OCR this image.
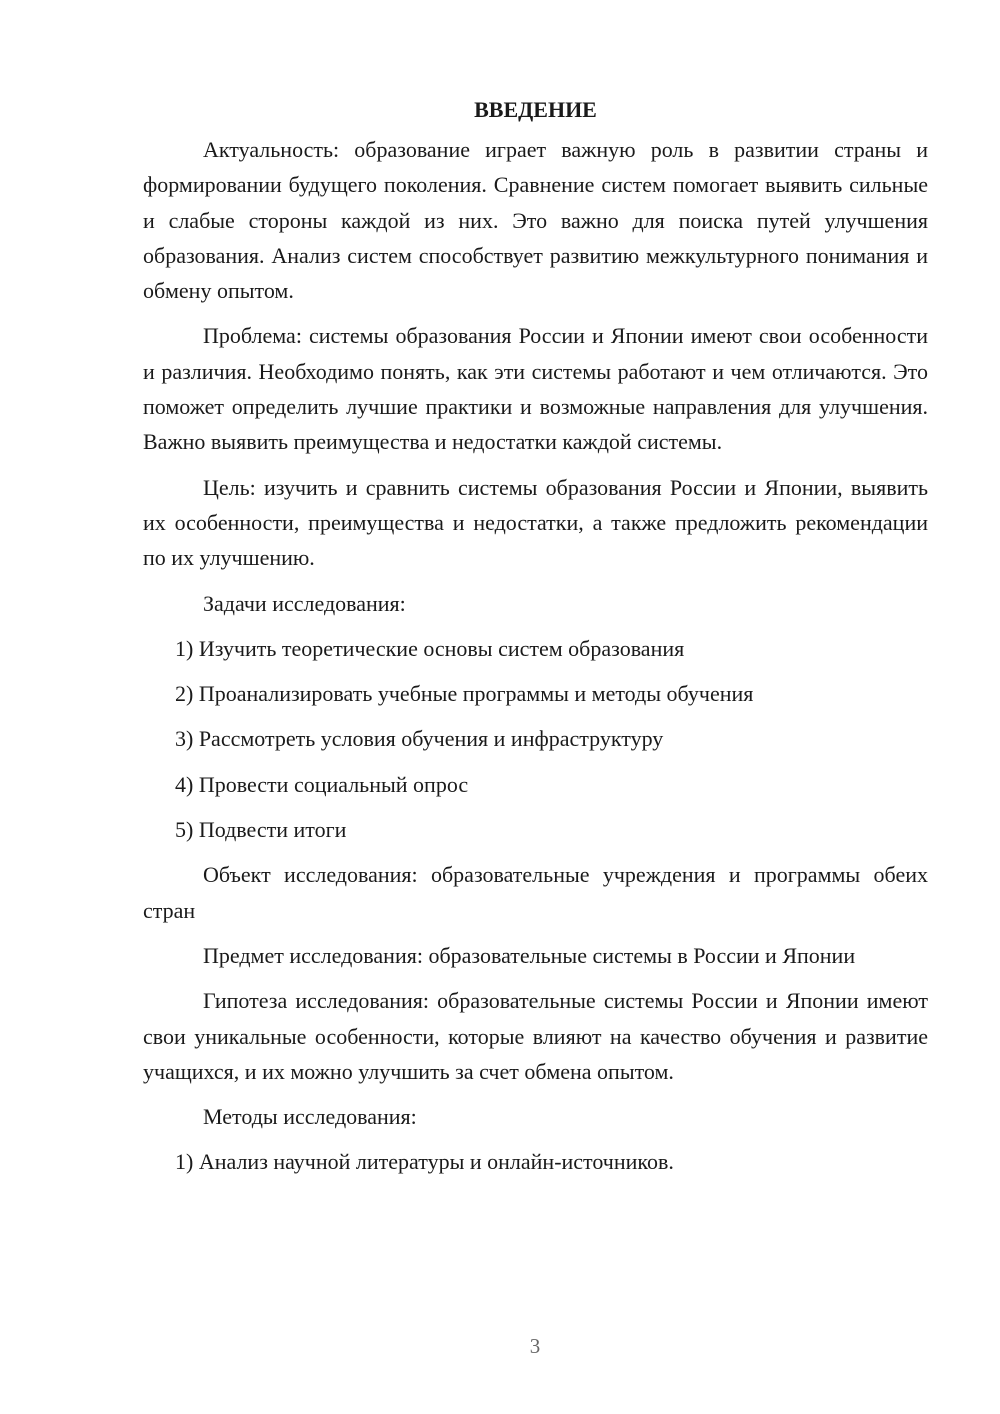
ВВЕДЕНИЕ

Актуальность: образование играет важную роль в развитии страны и формировании будущего поколения. Сравнение систем помогает выявить сильные и слабые стороны каждой из них. Это важно для поиска путей улучшения образования. Анализ систем способствует развитию межкультурного понимания и обмену опытом.

Проблема: системы образования России и Японии имеют свои особенности и различия. Необходимо понять, как эти системы работают и чем отличаются. Это поможет определить лучшие практики и возможные направления для улучшения. Важно выявить преимущества и недостатки каждой системы.

Цель: изучить и сравнить системы образования России и Японии, выявить их особенности, преимущества и недостатки, а также предложить рекомендации по их улучшению.

Задачи исследования:

1) Изучить теоретические основы систем образования
2) Проанализировать учебные программы и методы обучения
3) Рассмотреть условия обучения и инфраструктуру
4) Провести социальный опрос
5) Подвести итоги

Объект исследования: образовательные учреждения и программы обеих стран

Предмет исследования: образовательные системы в России и Японии

Гипотеза исследования: образовательные системы России и Японии имеют свои уникальные особенности, которые влияют на качество обучения и развитие учащихся, и их можно улучшить за счет обмена опытом.

Методы исследования:

1) Анализ научной литературы и онлайн-источников.
3
